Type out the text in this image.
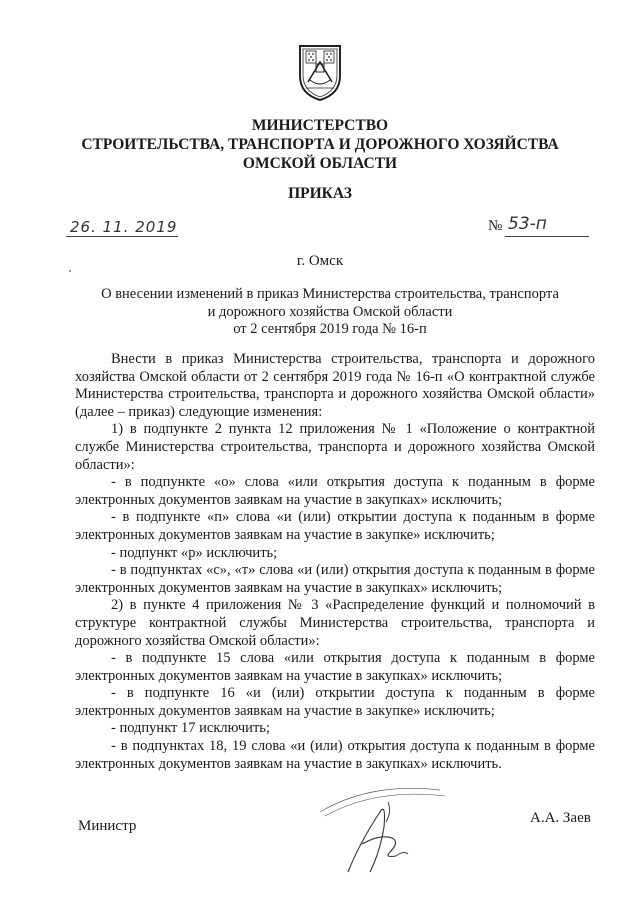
МИНИСТЕРСТВО
СТРОИТЕЛЬСТВА, ТРАНСПОРТА И ДОРОЖНОГО ХОЗЯЙСТВА
ОМСКОЙ ОБЛАСТИ
ПРИКАЗ
26. 11. 2019	№ 53-п
г. Омск
О внесении изменений в приказ Министерства строительства, транспорта
и дорожного хозяйства Омской области
от 2 сентября 2019 года № 16-п

Внести в приказ Министерства строительства, транспорта и дорожного хозяйства Омской области от 2 сентября 2019 года № 16-п «О контрактной службе Министерства строительства, транспорта и дорожного хозяйства Омской области» (далее – приказ) следующие изменения:

1) в подпункте 2 пункта 12 приложения № 1 «Положение о контрактной службе Министерства строительства, транспорта и дорожного хозяйства Омской области»:

- в подпункте «о» слова «или открытия доступа к поданным в форме электронных документов заявкам на участие в закупках» исключить;

- в подпункте «п» слова «и (или) открытии доступа к поданным в форме электронных документов заявкам на участие в закупке» исключить;

- подпункт «р» исключить;

- в подпунктах «с», «т» слова «и (или) открытия доступа к поданным в форме электронных документов заявкам на участие в закупках» исключить;

2) в пункте 4 приложения № 3 «Распределение функций и полномочий в структуре контрактной службы Министерства строительства, транспорта и дорожного хозяйства Омской области»:

- в подпункте 15 слова «или открытия доступа к поданным в форме электронных документов заявкам на участие в закупках» исключить;

- в подпункте 16 «и (или) открытии доступа к поданным в форме электронных документов заявкам на участие в закупке» исключить;

- подпункт 17 исключить;

- в подпунктах 18, 19 слова «и (или) открытия доступа к поданным в форме электронных документов заявкам на участие в закупках» исключить.

Министр	А.А. Заев
